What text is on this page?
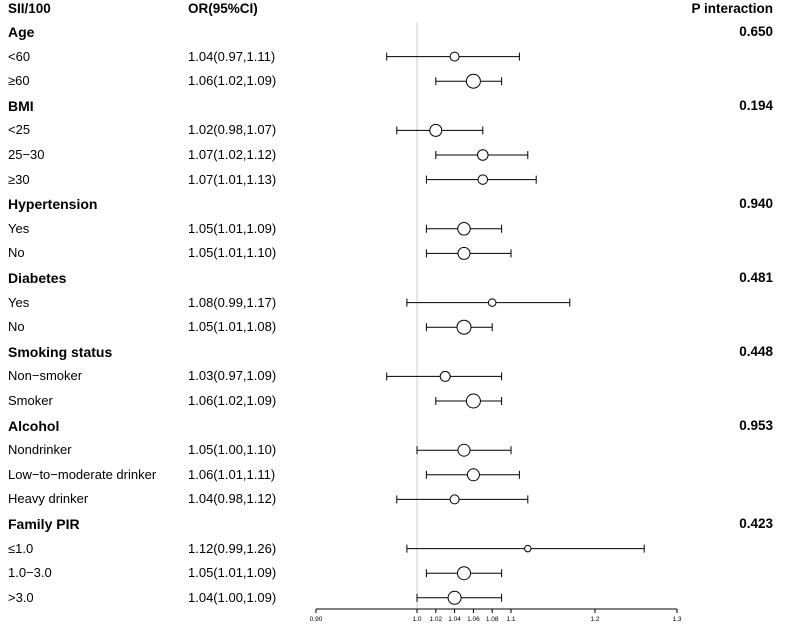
SII/100	OR(95%CI)	P interaction
Age	0.650
<60	1.04(0.97,1.11)
≥60	1.06(1.02,1.09)
BMI	0.194
<25	1.02(0.98,1.07)
25−30	1.07(1.02,1.12)
≥30	1.07(1.01,1.13)
Hypertension	0.940
Yes	1.05(1.01,1.09)
No	1.05(1.01,1.10)
Diabetes	0.481
Yes	1.08(0.99,1.17)
No	1.05(1.01,1.08)
Smoking status	0.448
Non−smoker	1.03(0.97,1.09)
Smoker	1.06(1.02,1.09)
Alcohol	0.953
Nondrinker	1.05(1.00,1.10)
Low−to−moderate drinker 1.06(1.01,1.11)
Heavy drinker	1.04(0.98,1.12)
Family PIR	0.423
≤1.0	1.12(0.99,1.26)
1.0−3.0	1.05(1.01,1.09)
>3.0	1.04(1.00,1.09)
0.90	1.0 1.02 1.04 1.06 1.08 1.1	1.2	1.3
